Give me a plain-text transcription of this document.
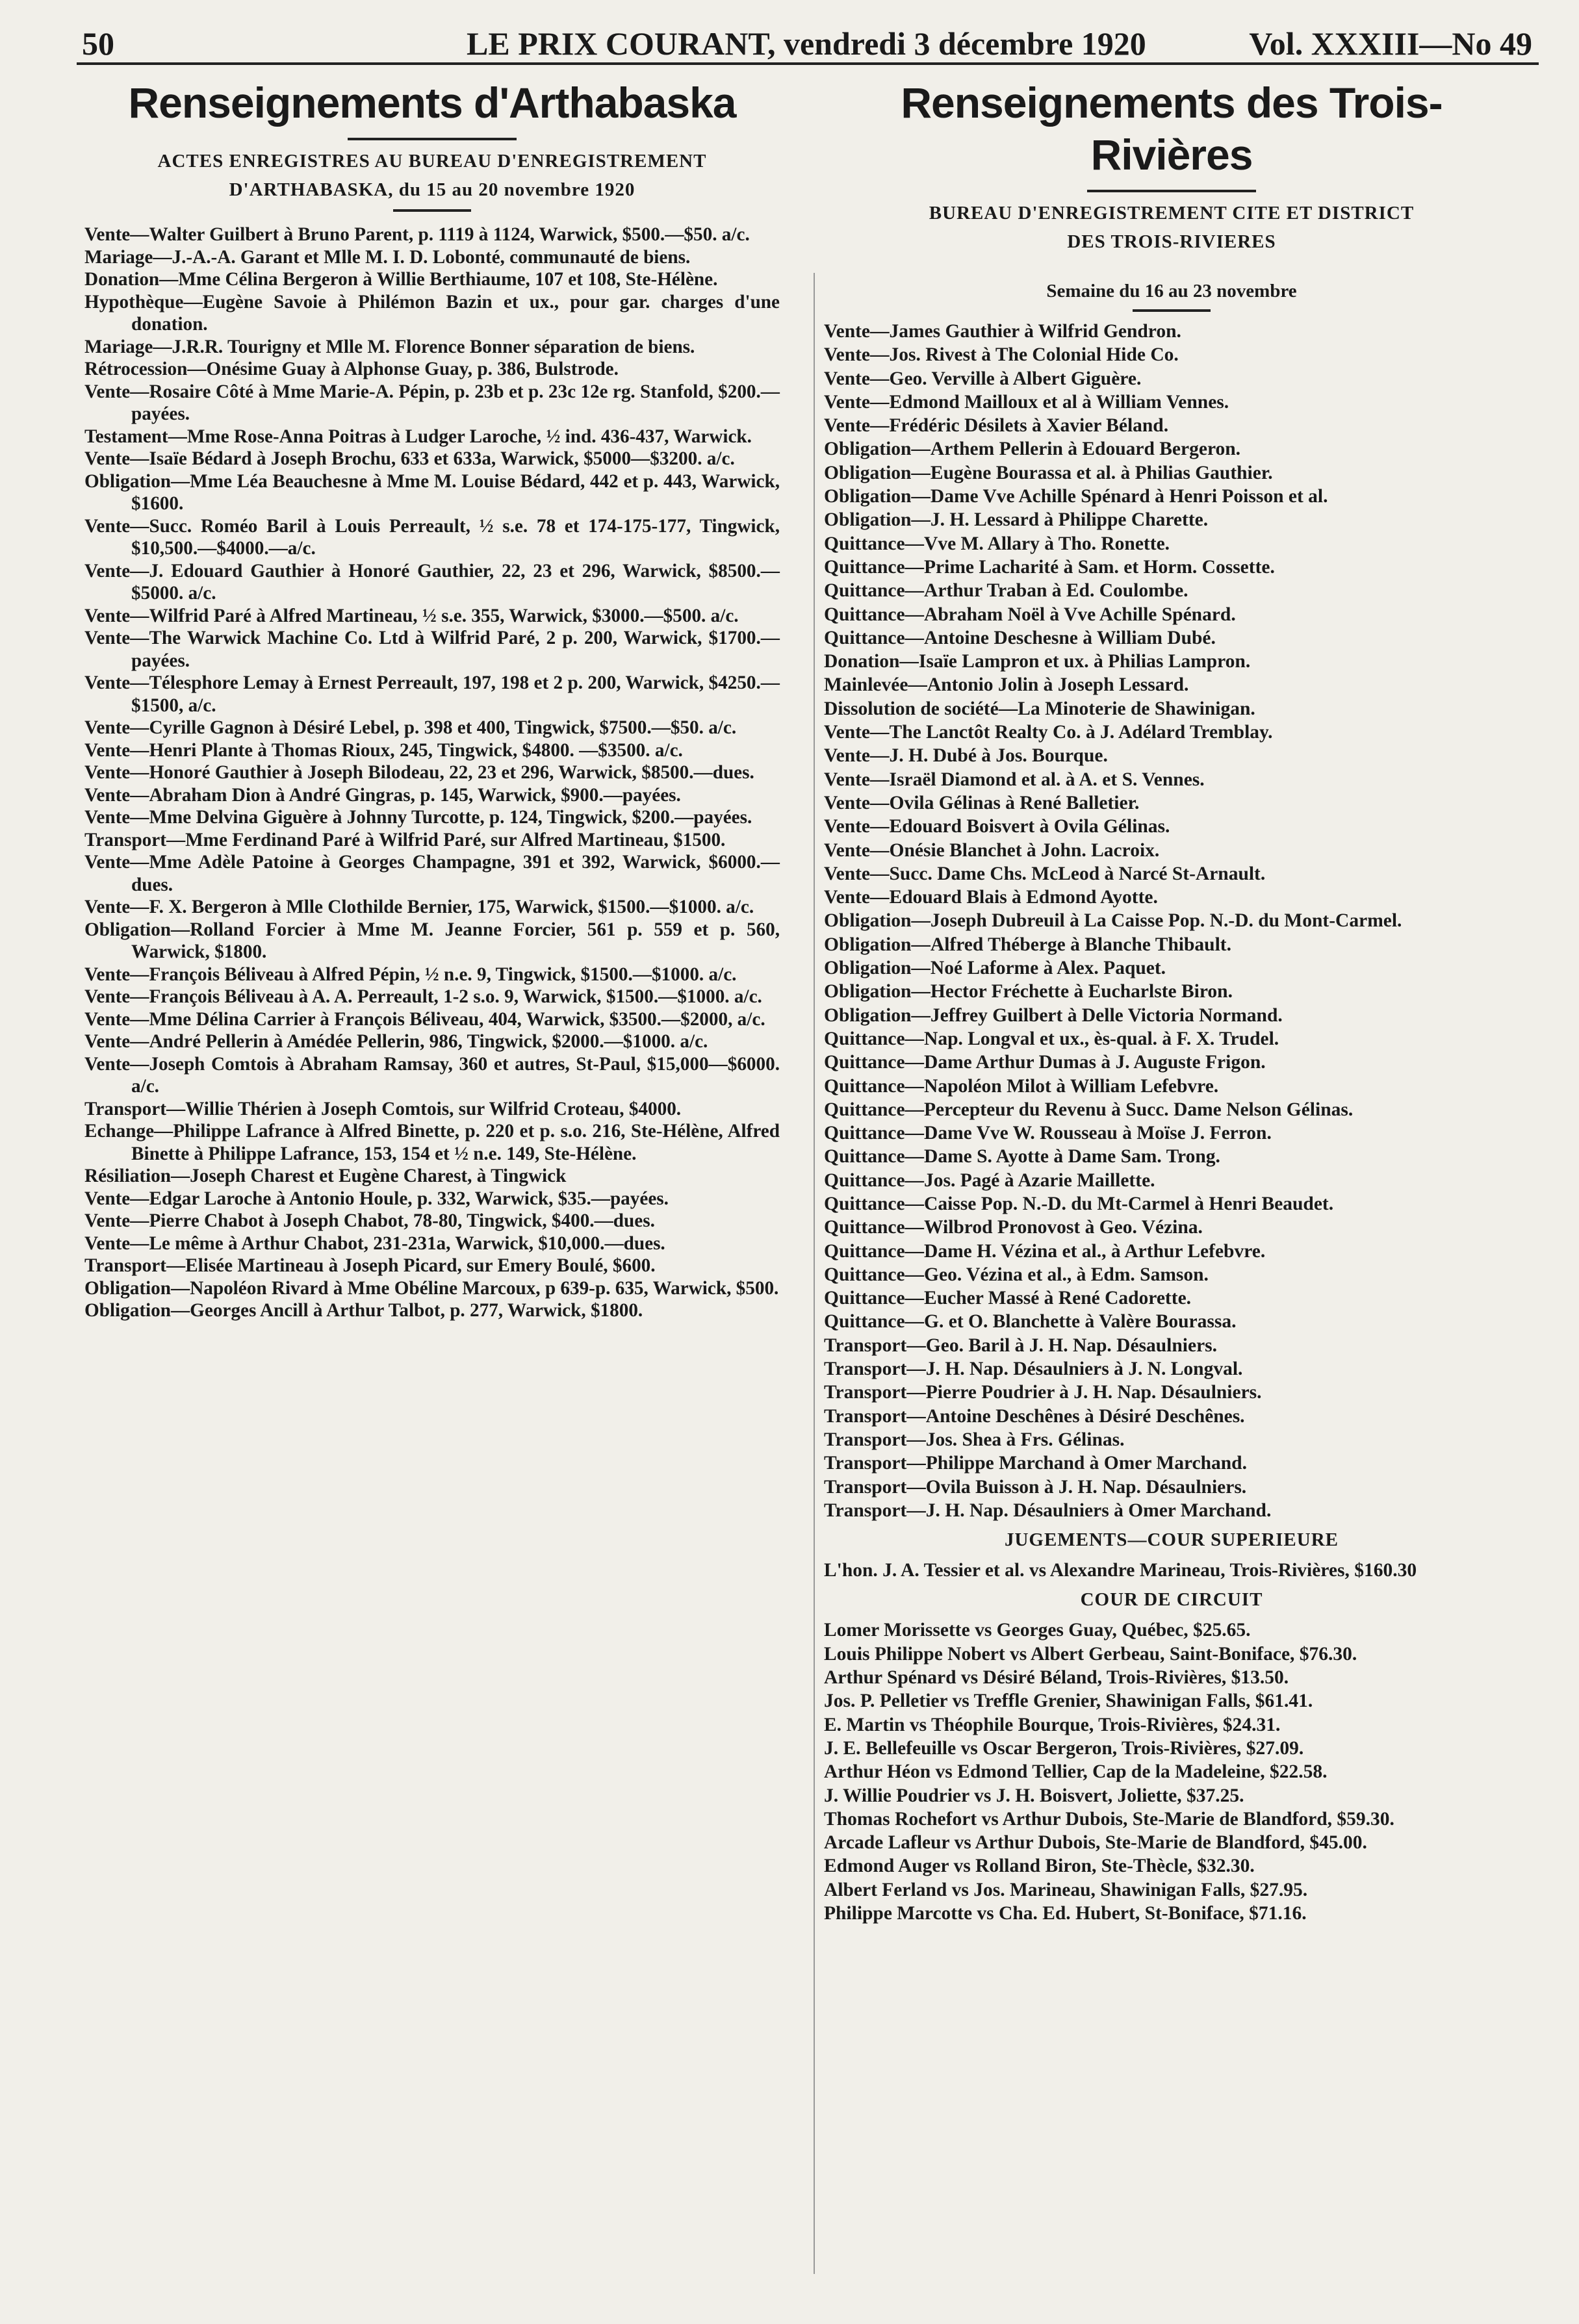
50	LE PRIX COURANT, vendredi 3 décembre 1920	Vol. XXXIII—No 49
Renseignements d'Arthabaska
ACTES ENREGISTRES AU BUREAU D'ENREGISTREMENT
D'ARTHABASKA, du 15 au 20 novembre 1920
Vente—Walter Guilbert à Bruno Parent, p. 1119 à 1124, Warwick, $500.—$50. a/c.
Mariage—J.-A.-A. Garant et Mlle M. I. D. Lobonté, communauté de biens.
Donation—Mme Célina Bergeron à Willie Berthiaume, 107 et 108, Ste-Hélène.
Hypothèque—Eugène Savoie à Philémon Bazin et ux., pour gar. charges d'une donation.
Mariage—J.R.R. Tourigny et Mlle M. Florence Bonner séparation de biens.
Rétrocession—Onésime Guay à Alphonse Guay, p. 386, Bulstrode.
Vente—Rosaire Côté à Mme Marie-A. Pépin, p. 23b et p. 23c 12e rg. Stanfold, $200.—payées.
Testament—Mme Rose-Anna Poitras à Ludger Laroche, ½ ind. 436-437, Warwick.
Vente—Isaïe Bédard à Joseph Brochu, 633 et 633a, Warwick, $5000—$3200. a/c.
Obligation—Mme Léa Beauchesne à Mme M. Louise Bédard, 442 et p. 443, Warwick, $1600.
Vente—Succ. Roméo Baril à Louis Perreault, ½ s.e. 78 et 174-175-177, Tingwick, $10,500.—$4000.—a/c.
Vente—J. Edouard Gauthier à Honoré Gauthier, 22, 23 et 296, Warwick, $8500.—$5000. a/c.
Vente—Wilfrid Paré à Alfred Martineau, ½ s.e. 355, Warwick, $3000.—$500. a/c.
Vente—The Warwick Machine Co. Ltd à Wilfrid Paré, 2 p. 200, Warwick, $1700.—payées.
Vente—Télesphore Lemay à Ernest Perreault, 197, 198 et 2 p. 200, Warwick, $4250.—$1500, a/c.
Vente—Cyrille Gagnon à Désiré Lebel, p. 398 et 400, Tingwick, $7500.—$50. a/c.
Vente—Henri Plante à Thomas Rioux, 245, Tingwick, $4800. —$3500. a/c.
Vente—Honoré Gauthier à Joseph Bilodeau, 22, 23 et 296, Warwick, $8500.—dues.
Vente—Abraham Dion à André Gingras, p. 145, Warwick, $900.—payées.
Vente—Mme Delvina Giguère à Johnny Turcotte, p. 124, Tingwick, $200.—payées.
Transport—Mme Ferdinand Paré à Wilfrid Paré, sur Alfred Martineau, $1500.
Vente—Mme Adèle Patoine à Georges Champagne, 391 et 392, Warwick, $6000.—dues.
Vente—F. X. Bergeron à Mlle Clothilde Bernier, 175, Warwick, $1500.—$1000. a/c.
Obligation—Rolland Forcier à Mme M. Jeanne Forcier, 561 p. 559 et p. 560, Warwick, $1800.
Vente—François Béliveau à Alfred Pépin, ½ n.e. 9, Tingwick, $1500.—$1000. a/c.
Vente—François Béliveau à A. A. Perreault, 1-2 s.o. 9, Warwick, $1500.—$1000. a/c.
Vente—Mme Délina Carrier à François Béliveau, 404, Warwick, $3500.—$2000, a/c.
Vente—André Pellerin à Amédée Pellerin, 986, Tingwick, $2000.—$1000. a/c.
Vente—Joseph Comtois à Abraham Ramsay, 360 et autres, St-Paul, $15,000—$6000. a/c.
Transport—Willie Thérien à Joseph Comtois, sur Wilfrid Croteau, $4000.
Echange—Philippe Lafrance à Alfred Binette, p. 220 et p. s.o. 216, Ste-Hélène, Alfred Binette à Philippe Lafrance, 153, 154 et ½ n.e. 149, Ste-Hélène.
Résiliation—Joseph Charest et Eugène Charest, à Tingwick
Vente—Edgar Laroche à Antonio Houle, p. 332, Warwick, $35.—payées.
Vente—Pierre Chabot à Joseph Chabot, 78-80, Tingwick, $400.—dues.
Vente—Le même à Arthur Chabot, 231-231a, Warwick, $10,000.—dues.
Transport—Elisée Martineau à Joseph Picard, sur Emery Boulé, $600.
Obligation—Napoléon Rivard à Mme Obéline Marcoux, p 639-p. 635, Warwick, $500.
Obligation—Georges Ancill à Arthur Talbot, p. 277, Warwick, $1800.
Renseignements des Trois-Rivières
BUREAU D'ENREGISTREMENT CITE ET DISTRICT
DES TROIS-RIVIERES
Semaine du 16 au 23 novembre
Vente—James Gauthier à Wilfrid Gendron.
Vente—Jos. Rivest à The Colonial Hide Co.
Vente—Geo. Verville à Albert Giguère.
Vente—Edmond Mailloux et al à William Vennes.
Vente—Frédéric Désilets à Xavier Béland.
Obligation—Arthem Pellerin à Edouard Bergeron.
Obligation—Eugène Bourassa et al. à Philias Gauthier.
Obligation—Dame Vve Achille Spénard à Henri Poisson et al.
Obligation—J. H. Lessard à Philippe Charette.
Quittance—Vve M. Allary à Tho. Ronette.
Quittance—Prime Lacharité à Sam. et Horm. Cossette.
Quittance—Arthur Traban à Ed. Coulombe.
Quittance—Abraham Noël à Vve Achille Spénard.
Quittance—Antoine Deschesne à William Dubé.
Donation—Isaïe Lampron et ux. à Philias Lampron.
Mainlevée—Antonio Jolin à Joseph Lessard.
Dissolution de société—La Minoterie de Shawinigan.
Vente—The Lanctôt Realty Co. à J. Adélard Tremblay.
Vente—J. H. Dubé à Jos. Bourque.
Vente—Israël Diamond et al. à A. et S. Vennes.
Vente—Ovila Gélinas à René Balletier.
Vente—Edouard Boisvert à Ovila Gélinas.
Vente—Onésie Blanchet à John. Lacroix.
Vente—Succ. Dame Chs. McLeod à Narcé St-Arnault.
Vente—Edouard Blais à Edmond Ayotte.
Obligation—Joseph Dubreuil à La Caisse Pop. N.-D. du Mont-Carmel.
Obligation—Alfred Théberge à Blanche Thibault.
Obligation—Noé Laforme à Alex. Paquet.
Obligation—Hector Fréchette à Eucharlste Biron.
Obligation—Jeffrey Guilbert à Delle Victoria Normand.
Quittance—Nap. Longval et ux., ès-qual. à F. X. Trudel.
Quittance—Dame Arthur Dumas à J. Auguste Frigon.
Quittance—Napoléon Milot à William Lefebvre.
Quittance—Percepteur du Revenu à Succ. Dame Nelson Gélinas.
Quittance—Dame Vve W. Rousseau à Moïse J. Ferron.
Quittance—Dame S. Ayotte à Dame Sam. Trong.
Quittance—Jos. Pagé à Azarie Maillette.
Quittance—Caisse Pop. N.-D. du Mt-Carmel à Henri Beaudet.
Quittance—Wilbrod Pronovost à Geo. Vézina.
Quittance—Dame H. Vézina et al., à Arthur Lefebvre.
Quittance—Geo. Vézina et al., à Edm. Samson.
Quittance—Eucher Massé à René Cadorette.
Quittance—G. et O. Blanchette à Valère Bourassa.
Transport—Geo. Baril à J. H. Nap. Désaulniers.
Transport—J. H. Nap. Désaulniers à J. N. Longval.
Transport—Pierre Poudrier à J. H. Nap. Désaulniers.
Transport—Antoine Deschênes à Désiré Deschênes.
Transport—Jos. Shea à Frs. Gélinas.
Transport—Philippe Marchand à Omer Marchand.
Transport—Ovila Buisson à J. H. Nap. Désaulniers.
Transport—J. H. Nap. Désaulniers à Omer Marchand.
JUGEMENTS—COUR SUPERIEURE
L'hon. J. A. Tessier et al. vs Alexandre Marineau, Trois-Rivières, $160.30
COUR DE CIRCUIT
Lomer Morissette vs Georges Guay, Québec, $25.65.
Louis Philippe Nobert vs Albert Gerbeau, Saint-Boniface, $76.30.
Arthur Spénard vs Désiré Béland, Trois-Rivières, $13.50.
Jos. P. Pelletier vs Treffle Grenier, Shawinigan Falls, $61.41.
E. Martin vs Théophile Bourque, Trois-Rivières, $24.31.
J. E. Bellefeuille vs Oscar Bergeron, Trois-Rivières, $27.09.
Arthur Héon vs Edmond Tellier, Cap de la Madeleine, $22.58.
J. Willie Poudrier vs J. H. Boisvert, Joliette, $37.25.
Thomas Rochefort vs Arthur Dubois, Ste-Marie de Blandford, $59.30.
Arcade Lafleur vs Arthur Dubois, Ste-Marie de Blandford, $45.00.
Edmond Auger vs Rolland Biron, Ste-Thècle, $32.30.
Albert Ferland vs Jos. Marineau, Shawinigan Falls, $27.95.
Philippe Marcotte vs Cha. Ed. Hubert, St-Boniface, $71.16.
